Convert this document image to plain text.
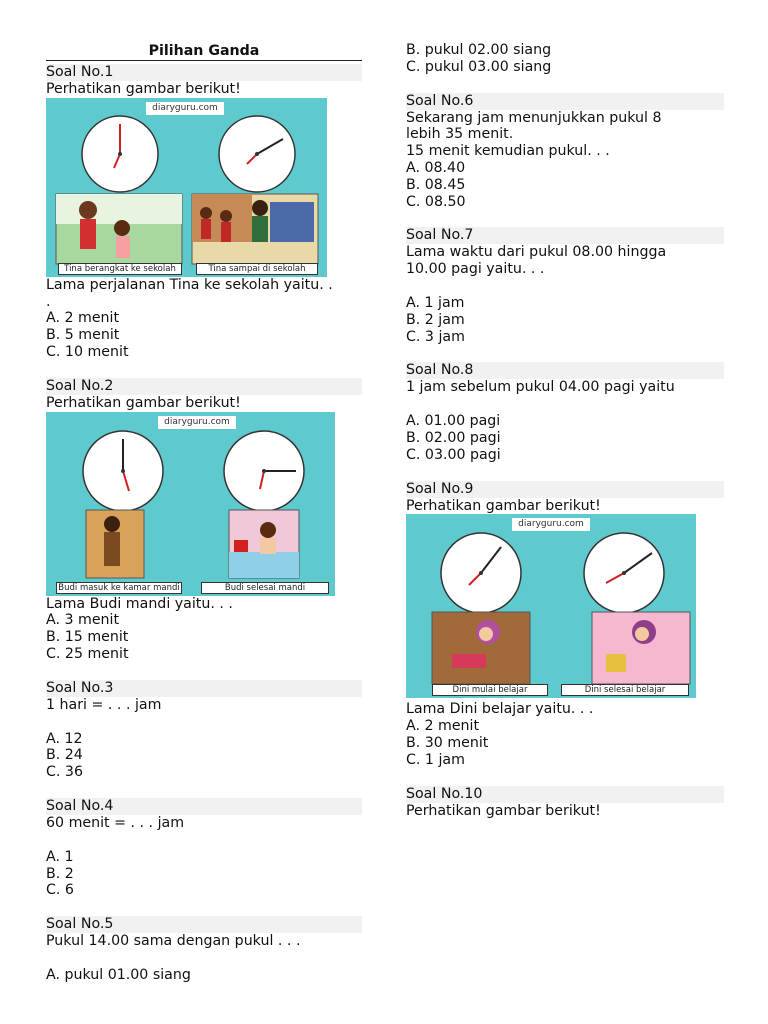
Pilihan Ganda
Soal No.1
Perhatikan gambar berikut!
diaryguru.com
Tina berangkat ke sekolah	Tina sampai di sekolah
Lama perjalanan Tina ke sekolah yaitu. .
.
A. 2 menit
B. 5 menit
C. 10 menit
Soal No.2
Perhatikan gambar berikut!
diaryguru.com
Budi masuk ke kamar mandi	Budi selesai mandi
Lama Budi mandi yaitu. . .
A. 3 menit
B. 15 menit
C. 25 menit
Soal No.3
1 hari = . . . jam
A. 12
B. 24
C. 36
Soal No.4
60 menit = . . . jam
A. 1
B. 2
C. 6
Soal No.5
Pukul 14.00 sama dengan pukul . . .
A. pukul 01.00 siang
B. pukul 02.00 siang
C. pukul 03.00 siang
Soal No.6
Sekarang jam menunjukkan pukul 8
lebih 35 menit.
15 menit kemudian pukul. . .
A. 08.40
B. 08.45
C. 08.50
Soal No.7
Lama waktu dari pukul 08.00 hingga
10.00 pagi yaitu. . .
A. 1 jam
B. 2 jam
C. 3 jam
Soal No.8
1 jam sebelum pukul 04.00 pagi yaitu
A. 01.00 pagi
B. 02.00 pagi
C. 03.00 pagi
Soal No.9
Perhatikan gambar berikut!
diaryguru.com
Dini mulai belajar	Dini selesai belajar
Lama Dini belajar yaitu. . .
A. 2 menit
B. 30 menit
C. 1 jam
Soal No.10
Perhatikan gambar berikut!
